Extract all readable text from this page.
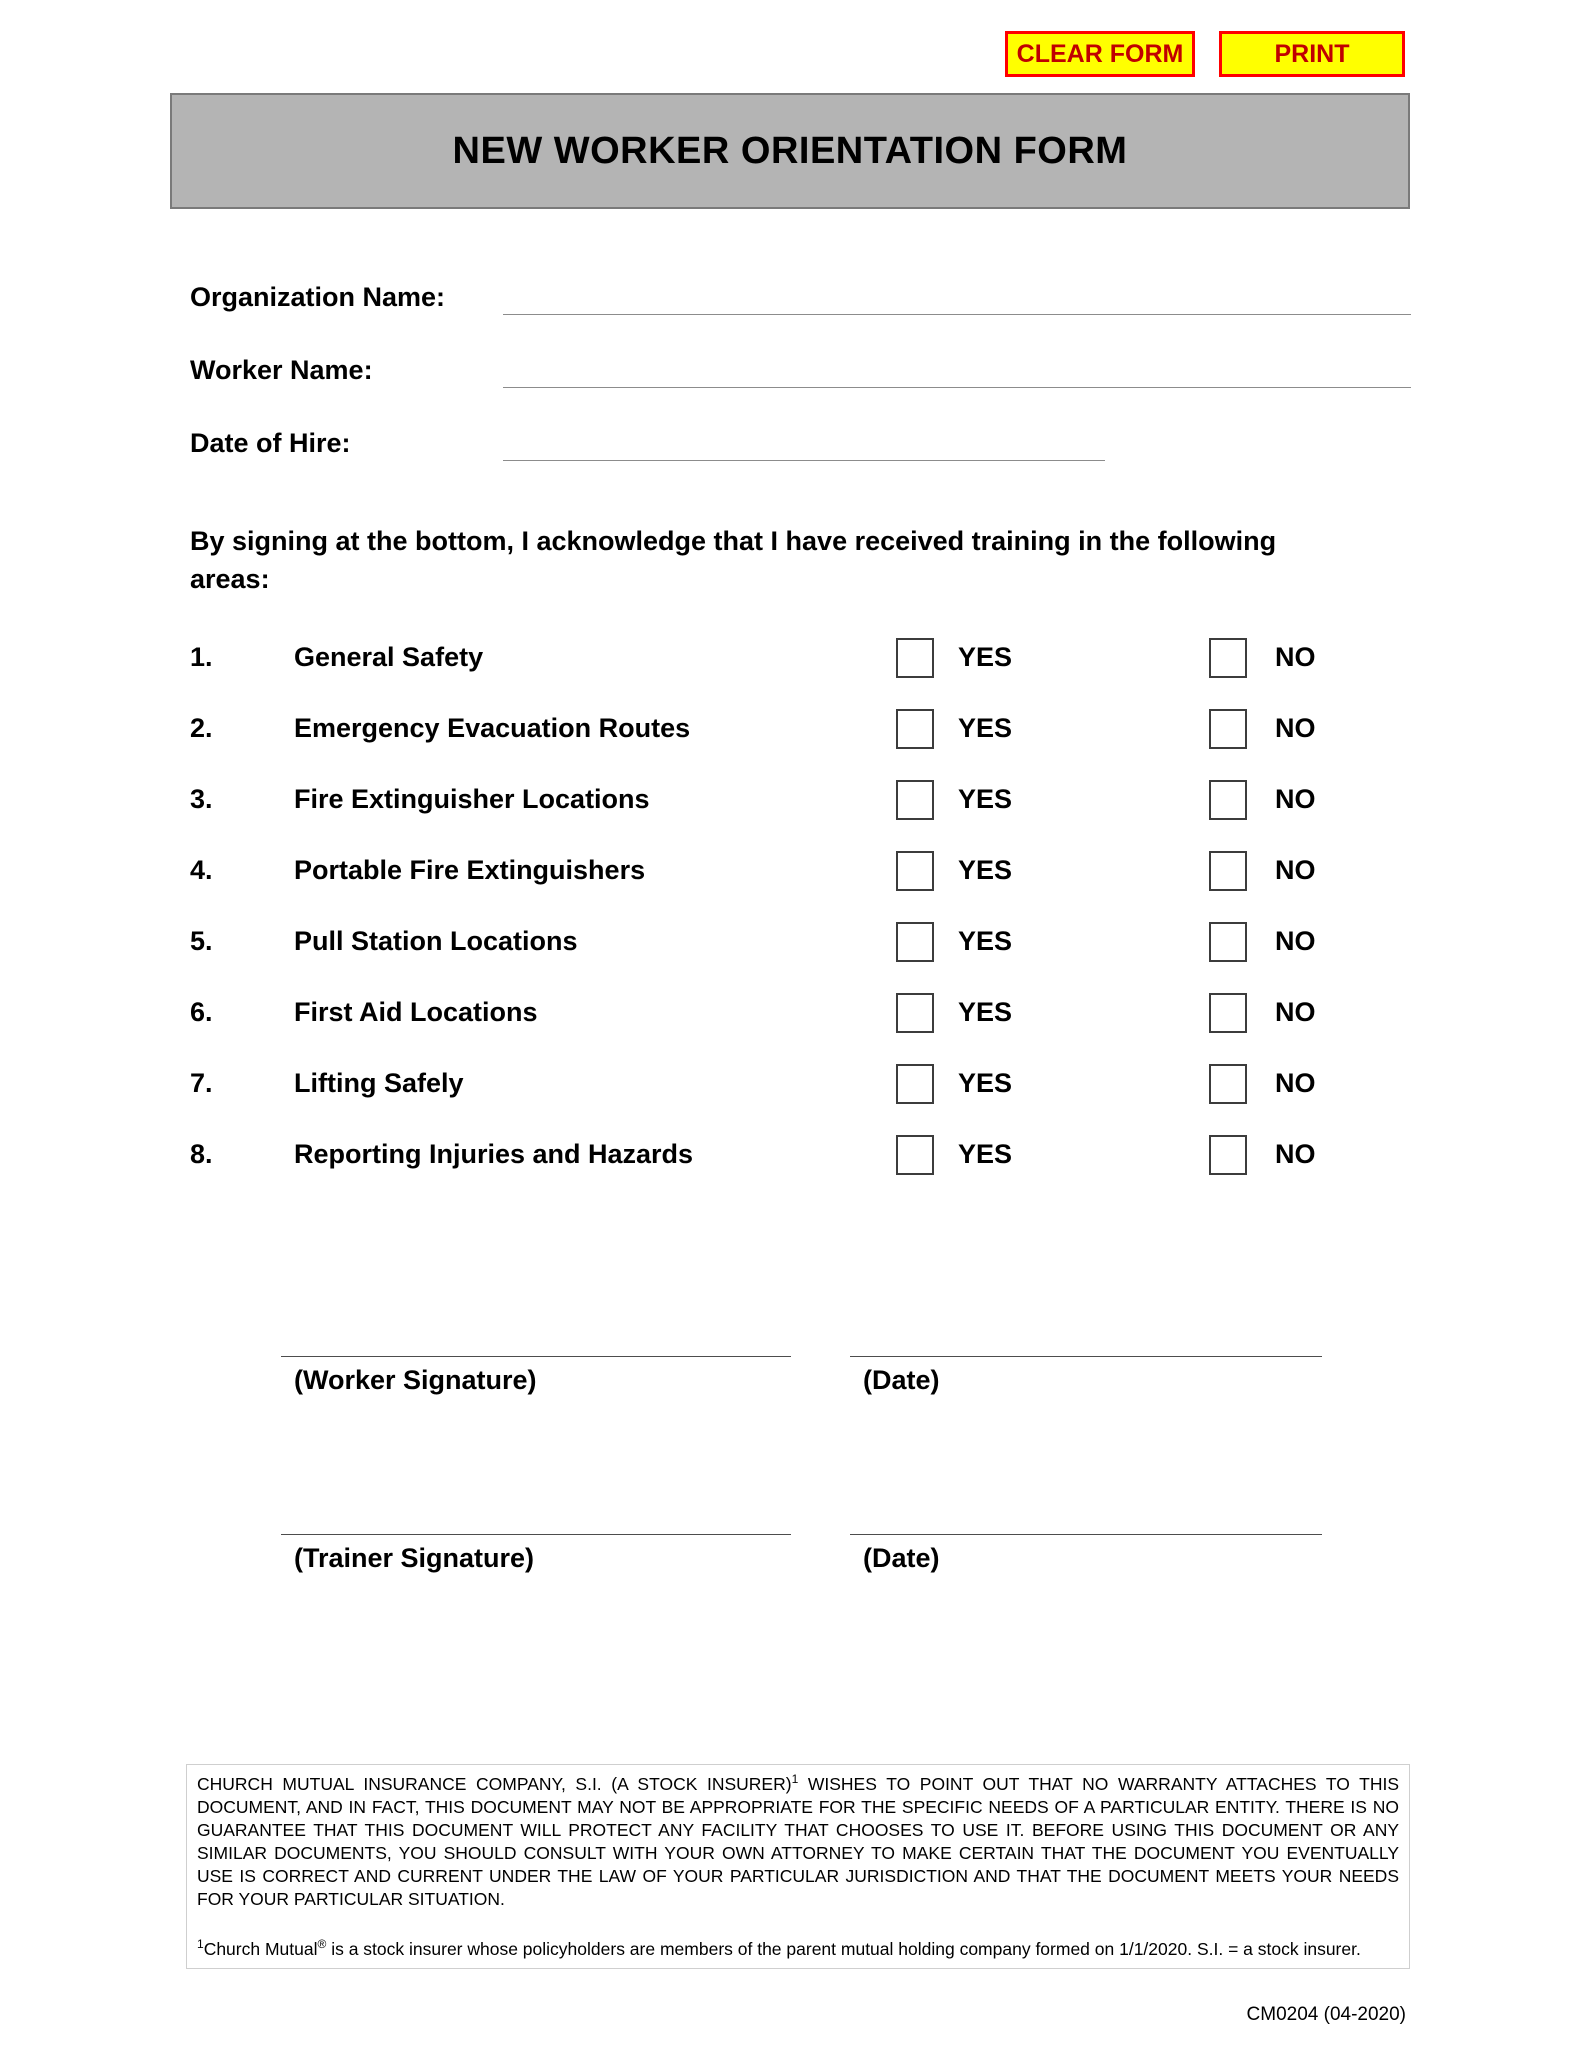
CLEAR FORM	PRINT
NEW WORKER ORIENTATION FORM
Organization Name:
Worker Name:
Date of Hire:
By signing at the bottom, I acknowledge that I have received training in the following areas:
1.	General Safety	YES	NO
2.	Emergency Evacuation Routes	YES	NO
3.	Fire Extinguisher Locations	YES	NO
4.	Portable Fire Extinguishers	YES	NO
5.	Pull Station Locations	YES	NO
6.	First Aid Locations	YES	NO
7.	Lifting Safely	YES	NO
8.	Reporting Injuries and Hazards	YES	NO
(Worker Signature)	(Date)
(Trainer Signature)	(Date)

CHURCH MUTUAL INSURANCE COMPANY, S.I. (A STOCK INSURER)$^1$ WISHES TO POINT OUT THAT NO WARRANTY ATTACHES TO THIS DOCUMENT, AND IN FACT, THIS DOCUMENT MAY NOT BE APPROPRIATE FOR THE SPECIFIC NEEDS OF A PARTICULAR ENTITY. THERE IS NO GUARANTEE THAT THIS DOCUMENT WILL PROTECT ANY FACILITY THAT CHOOSES TO USE IT. BEFORE USING THIS DOCUMENT OR ANY SIMILAR DOCUMENTS, YOU SHOULD CONSULT WITH YOUR OWN ATTORNEY TO MAKE CERTAIN THAT THE DOCUMENT YOU EVENTUALLY USE IS CORRECT AND CURRENT UNDER THE LAW OF YOUR PARTICULAR JURISDICTION AND THAT THE DOCUMENT MEETS YOUR NEEDS FOR YOUR PARTICULAR SITUATION.

$^1$Church Mutual® is a stock insurer whose policyholders are members of the parent mutual holding company formed on 1/1/2020. S.I. = a stock insurer.

CM0204 (04-2020)
